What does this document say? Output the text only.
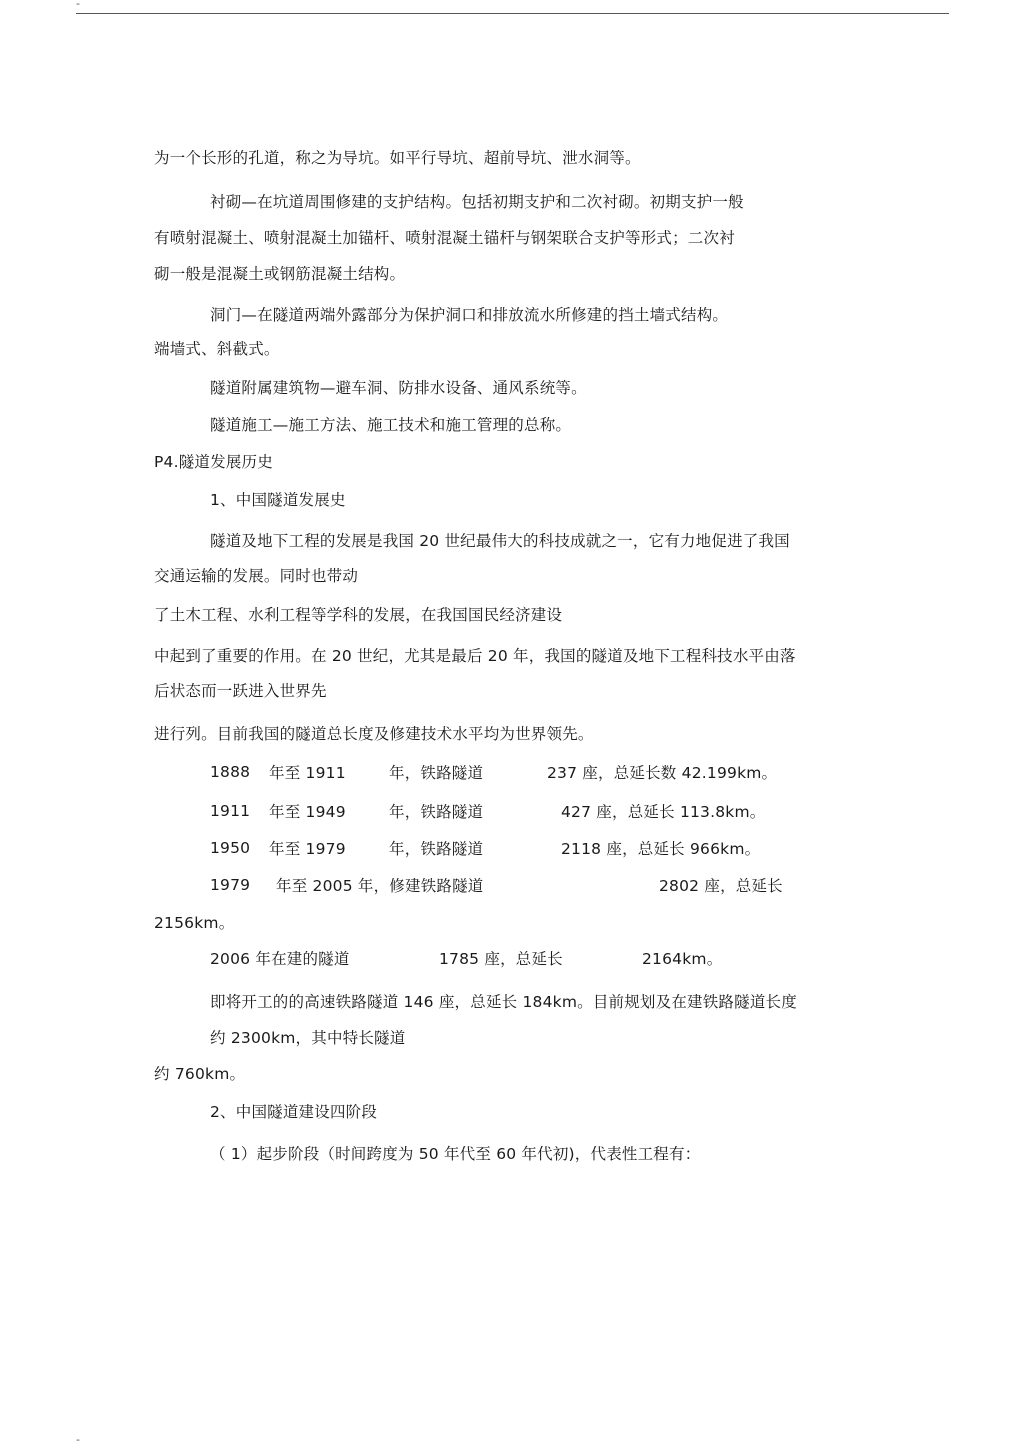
-
为一个长形的孔道，称之为导坑。如平行导坑、超前导坑、泄水洞等。
衬砌—在坑道周围修建的支护结构。包括初期支护和二次衬砌。初期支护一般
有喷射混凝土、喷射混凝土加锚杆、喷射混凝土锚杆与钢架联合支护等形式；二次衬
砌一般是混凝土或钢筋混凝土结构。
洞门—在隧道两端外露部分为保护洞口和排放流水所修建的挡土墙式结构。
端墙式、斜截式。
隧道附属建筑物—避车洞、防排水设备、通风系统等。
隧道施工—施工方法、施工技术和施工管理的总称。
P4.隧道发展历史
1、中国隧道发展史
隧道及地下工程的发展是我国 20 世纪最伟大的科技成就之一，它有力地促进了我国
交通运输的发展。同时也带动
了土木工程、水利工程等学科的发展，在我国国民经济建设
中起到了重要的作用。在 20 世纪，尤其是最后 20 年，我国的隧道及地下工程科技水平由落
后状态而一跃进入世界先
进行列。目前我国的隧道总长度及修建技术水平均为世界领先。
1888 年至 1911	年，铁路隧道	237 座，总延长数 42.199km。
1911 年至 1949	年，铁路隧道	427 座，总延长 113.8km。
1950 年至 1979	年，铁路隧道	2118 座，总延长 966km。
1979 年至 2005 年，修建铁路隧道	2802 座，总延长
2156km。
2006 年在建的隧道	1785 座，总延长	2164km。
即将开工的的高速铁路隧道 146 座，总延长 184km。目前规划及在建铁路隧道长度
约 2300km，其中特长隧道
约 760km。
2、中国隧道建设四阶段
（ 1）起步阶段（时间跨度为 50 年代至 60 年代初)，代表性工程有：
-
